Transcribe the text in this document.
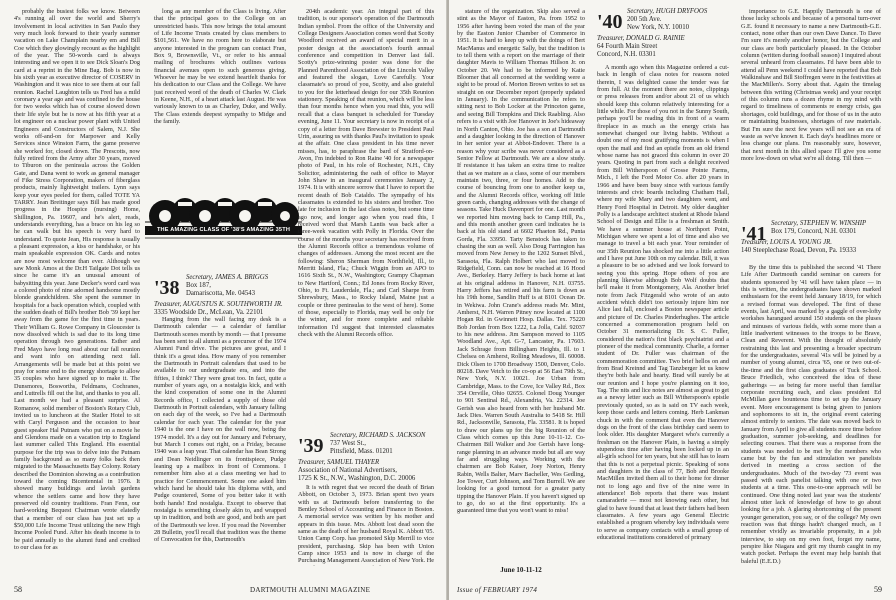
probably the busiest folks we know. Between 4's running all over the world and Sherry's involvement in local activities in San Paulo they very much look forward to their yearly summer vacation on Lake Champlain nearby em and Bill Coe which they glowingly recount as the highlight of the year. The 50-words card is always interesting and we open it to see Dick Sloan's Dog card at a reprint in the Mine Bag. Bob is now in his sixth year as executive director of COSERV in Washington and it was nice to see them at our fall reunion. Rachel Laughton tells us Fred has a mild coronary a year ago and was confined to the house for two weeks which has of course slowed down their life style but he is now at his fifth year at a lot engineer on a nuclear power plant with United Engineers and Constructors of Salem, N.J. She works off-and-on for Marpower and Kelly Services since Winston Farm, the game preserve she worked for, closed down. The Prescotts, now fully retired from the Army after 30 years, moved to Tiburon on the peninsula across the Golden Gate, and Dana went to work as general manager of Fike Stress Corporation, makers of fiberglass products, mainly lightweight trailers. Lynn says keep your eyes peeled for them, called TOTE YA TARRY. Jean Breitinger says Bill has made good progress in the Hospice (nursing) Home, Shillington, Pa. 19607, and he's alert, reads, understands everything, has a brace on his leg so he can walk but his speech is very hard to understand. To quote Jean, His response is usually a pleasant expression, a kiss or handshake, or his main speakable expression OK. Cards and notes are now most welcome than ever. Although we saw Monk Amos at the Dr.H Tailgate Dot tells us since he came it's an unusual amount of babysitting this year. Jane Decker's word card was a colored photo of nine adorned handsome mostly blonde grandchildren. She spent the summer in hospitals for a back operation which, coupled with the sudden death of Bill's brother Bob '39 kept her away from the game for the first time in years. Their William G. Rowe Company in Gloucester is now dissolved which is sad due to its long time operation through two generations. Esther and Fred Mayo have long read about our fall reunion and want info on attending next fall. Arrangements will be made but at this point we pray for some end to the energy shortage to allow 35 couples who have signed up to make it. The Dunsmores, Bosworths, Feldmans, Cochranes, and Luttrells fill out the list, and thanks to you all. Last month we had a pleasant surprise. Al Romanow, solid member of Boston's Rotary Club, invited us to luncheon at the Statler Hotel to sit with Caryl Ferguson and the occasion to hear guest speaker Hal Putnam who put on a movie he and Glendora made on a vacation trip to England last summer called This England. His essential purpose for the trip was to delve into the Putnam family background as so many folks back then migrated to the Massachusetts Bay Colony. Rotary described the Dominion showing as a contribution toward the coming Bicentennial in 1976. It showed many buildings and lavish gardens whence the settlers came and how they have preserved old country traditions. Fran Fenn, our hard-working Bequest Chairman wrote elatedly that a member of our class has just set up a $50,000 Life Income Trust utilizing the new High Income Pooled Fund. After his death income is to be paid annually to the alumni fund and credited to our class for as

long as any member of the Class is living. After that the principal goes to the College on an unrestricted basis. This now brings the total amount of Life Income Trusts created by class members to $101,561. We have no room here to elaborate but anyone interested in the program can contact Fran, Box 9, Brownsville, Vt., or refer to his annual mailing of brochures which outlines various financial avenues open to such generous giving. Whoever he may be we extend heartfelt thanks for his dedication to our Class and the College. We have just received word of the death of Charles W. Clark in Keene, N.H., of a heart attack last August. He was variously known to us as Charley, Duke, and Welly. The Class extends deepest sympathy to Midge and the family.

THE AMAZING CLASS OF '38'S AMAZING 35TH
'38 Secretary, JAMES A. BRIGGS
Box 187,
Damariscotta, Me. 04543
Treasurer, AUGUSTUS K. SOUTHWORTH JR.
3335 Woodside Dr., McLean, Va. 22101

Hanging from the wall facing my desk is a Dartmouth calendar — a calendar of familiar Dartmouth scenes month by month — that I presume has been sent to all alumni as a precursor of the 1974 Alumni Fund drive. The pictures are great, and I think it's a great idea. How many of you remember the Dartmouth in Portrait calendars that used to be available to our undergraduate era, and into the fifties, I think? They were great too. In fact, quite a number of years ago, on a nostalgia kick, and with the kind cooperation of some one in the Alumni Records office, I collected a supply of those old Dartmouth in Portrait calendars, with January falling on each day of the week, so I've had a Dartmouth calendar for each year. The calendar for the year 1940 is the one I have on the wall now, being the 1974 model. It's a day out for January and February, but March I comes out right, on a Friday, because 1940 was a leap year. That calendar has Bean Strong and Dean Neidlinger on its frontispiece, Pudge leaning up a mailbox in front of Commons. I remember him also at a class meeting we had to practice for Commencement. Some one asked him which hand he should take his diploma with, and Pudge countered, Some of you better take it with both hands! End nostalgia. Except to observe that nostalgia is something closely akin to, and wrapped up in tradition, and both are good, and both are part of the Dartmouth we love. If you read the November 28 Bulletin, you'll recall that tradition was the theme of Convocation for this, Dartmouth's

204th academic year. An integral part of this tradition, is our sponsor's operation of the Dartmouth Indian symbol. From the office of the University and College Designers Association comes word that Scotty Woodford received an award of special merit in a poster design at the association's fourth annual conference and competition in Denver last fall. Scotty's prize-winning poster was done for the Planned Parenthood Association of the Lincoln Valley and featured the slogan, Love Carefully. Your classmate's so proud of you, Scotty, and also grateful to you for the letterhead design for our 35th Reunion stationery. Speaking of that reunion, which will be less than four months hence when you read this, you will recall that a class banquet is scheduled for Tuesday evening, June 11. Your secretary is now in receipt of a copy of a letter from Dave Brewster to President Paul Urin, assuring us with thanks Paul's invitation to speak at the affair. One class president in his time never misses, has, to paraphrase the bard of Stratford-on-Avon, I'm indebted to Ron Raine '40 for a newspaper photo of Paul, in his role of Rochester, N.H., City Solicitor, administering the oath of office to Mayor John Shaw in an inaugural ceremonies January 2, 1974. It is with sincere sorrow that I have to report the recent death of Bob Cataldo. The sympathy of his classmates is extended to his sisters and brother. Too late for inclusion in the last class notes, but some time ago now, and longer ago when you read this, I received word that Marsh Lantis was back after a three-week vacation with Polly in Florida. Over the course of the months your secretary has received from the Alumni Records office a tremendous volume of changes of addresses. Among the most recent are the following: Sheron Sherman from Northfield, Ill., to Merritt Island, Fla.; Chuck Wiggin from an APO to 1616 Sixth St., N.W., Washington; Grampy Chapman to New Hartford, Conn.; Ed Jones from Rocky River, Ohio, to Ft. Lauderdale, Fla.; and Carl Sharpe from Shrewsbury, Mass., to Rocky Island, Maine just a couple or three peninsulas to the west of here). Some of those, especially to Florida, may well be only for the winter, and for more complete and reliable information I'd suggest that interested classmates check with the Alumni Records office.

'39 Secretary, RICHARD S. JACKSON
737 West St.,
Pittsfield, Mass. 01201
Treasurer, SAMUEL THAYER
Association of National Advertisers,
1725 K St., N.W., Washington, D.C. 20006

It is with regret that we record the death of Brian Abbott, on October 3, 1973. Brian spent two years with us at Dartmouth before transferring to the Bentley School of Accounting and Finance in Boston. A memorial service was written by his mother and appears in this issue. Mrs. Abbott lost dead soon the same as the death of her husband Royal K. Abbott '05. Union Camp Corp. has promoted Skip Merrill to vice president, purchasing. Skip has been with Union Camp since 1953 and is now in charge of the Purchasing Management Association of New York. He

58	DARTMOUTH ALUMNI MAGAZINE

stature of the organization. Skip also served a stint as the Mayor of Easton, Pa. from 1952 to 1956 after having been voted the man of the year by the Easton Junior Chamber of Commerce in 1951. It is hard to keep up with the doings of Bert MacManus and energetic Sally, but the tradition is to tell them with a report on the marriage of their daughter Mavis to William Thomas Hillson Jr. on October 20. We had to be informed by Katie Bloomer that all concerned at the wedding were a sight to be proud of. Morton Brown writes to set us straight on our December report (properly updated in January). In the communication he refers to sitting next to Bob Locker at the Princeton game, and seeing Bill Tompkins and Dick Raabling. Also refers to a visit with Joe Hanover in Joe's hideaway in North Canton, Ohio. Joe has a son at Dartmouth and a daughter looking in the direction of Hanover in her senior year at Abbot-Endover. There is a reason why your scribe was never considered as a Senior Fellow at Dartmouth. We are a slow study. If resistance it has taken an extra time to realize that as we mature as a class, some of our members maintain two, three, or four homes. Add to the course of bouncing from one to another keep us, and the Alumni Records office, working off little green cards, changing addresses with the change of seasons. Take Huck Davenport for one. Last month we reported him moving back to Camp Hill, Pa., and this month another green card indicates he is back at his old stand at 6602 Phaeton Rd., Punta Gorda, Fla. 33950. Tarty Benstock has taken to chasing the sun as well. Also Doug Farrington has moved from New Jersey to the 1202 Sunset Blvd., Sarasota, Fla. Ralph Holbert who last moved to Ridgefield, Conn. can now be reached at 16 Hood Ave., Berkeley. Harry Jeffery is back home at last at his original address in Hanover, N.H. 03755. Harry Jeffers has retired and his farm is down as his 19th home, Sandlin Huff is at 8101 Ocean Dr. in Wekiwa. John Crane's address reads Mr. Mint, Amherst, N.H. Warren Pitney now located at 1100 Hogan Rd. in Gwinnett Hosp. Dallas. Tex. 75220 Bob Jordan from Box 1222, La Jolla, Calif. 92037 to his new address. Jim Sampson moved to 1105 Woodland Ave., Apt. G-7, Lancaster, Pa. 17603. Jack Schrage from Billingham Heights, Ill. to 1 Chelsea on Amherst, Rolling Meadows, Ill. 60008. Dick Olsen to 1700 Broadway 1500, Denver, Colo. 80218. Dave Vetch to the co-op at 56 East 79th St., New York, N.Y. 10021. Joe Urban from Cambridge, Mass. to the Cove, Ice Valley Rd., Box 354 Orrville, Ohio 02655. Colonel Doug Younger to 901 Sentinal Rd., Alexandria, Va. 22314. Joe Gerish was also heard from with her husband Mr. Jack Dies. Warren South Australia to 5418 Sr. Hill Rd., Jacksonville, Sarasota, Fla. 33581. It is hoped to draw our plans up for the big Reunion of the Class which comes up this June 10-11-12. Co-Chairmen Bill Walker and Joe Gerish have long-range planning in an advance mode but all are way far and struggling ways. Working with the chairmen are Bob Kaiser, Joey Norton, Henry Rabin, Wells Balter, Marv Bacheller, Wes Gedling, Joe Tower, Curt Johnson, and Tom Burrell. We are looking for a good turnout for a greater party tipping the Hanover Plain. If you haven't signed up to go, do so at the first opportunity. It's a guaranteed time that you won't want to miss!

June 10-11-12
'40 Secretary, HUGH DRYFOOS
200 5th Ave.
New York, N.Y. 10010
Treasurer, DONALD G. RAINIE
64 Fourth Main Street
Concord, N.H. 03301

A month ago when this Magazine ordered a cut-back in length of class notes for reasons noted therein, I was delighted cause the tender was far from full. At the moment there are notes, clippings or press releases from and/or about 21 of us which should keep this column relatively interesting for a little while. For those of you not in the Sunny South, perhaps you'll be reading this in front of a warm fireplace in as much as the energy crisis has somewhat changed our living habits. Without a doubt one of my most gratifying moments is when I open the mail and find an epistle from an old friend whose name has not graced this column in over 20 years. Quoting in part from such a delight received from Bill Witherspoon of Grosse Pointe Farms, Mich., I left the Ford Motor Co. after 20 years in 1966 and have been busy since with various family interests and civic boards including Chatham Hall, where my wife Mary and two daughters went, and Henry Ford Hospital in Detroit. My older daughter Polly is a landscape architect student at Rhode Island School of Design and Ellie is a freshman at Smith. We have a summer house at Northport Point, Michigan where we spent a lot of time and also we manage to travel a bit each year. Your reminder of our 35th Reunion has shocked me into a little action and I have put June 10th on my calendar. Bill, it was a pleasure to be so advised and we look forward to seeing you this spring. Hope others of you are planning likewise although Bob Wolf doubts that he'll make it from Montgomery, Ala. Another brief note from Jack Fitzgerald who wrote of an auto accident which didn't too seriously injure him nor Alice last fall, enclosed a Boston newspaper article and picture of Dr. Charles Pinderhughes. The article concerned a commemoration program held on October 31 memorializing Dr. S. C. Fuller, considered the nation's first black psychiatrist and a pioneer of the medical community. Charlie, a former student of Dr. Fuller was chairman of the commemoration committee. Two brief hellos on and from Brad Kreinnd and Tag Tanzberger let us know they're both hale and hearty. Brad will surely be at our reunion and I hope you're planning on it too, Tag. The nits and lice notes are almost as great to get as a newsy letter such as Bill Witherspoon's epistle previously quoted, so as is said on TV each week, keep those cards and letters coming. Herb Lankman chuck in with the comment that even the Hanover dogs on the front of the class birthday card seem to look older. His daughter Margaret who's currently a freshman on the Hanover Plain, is having a simply stupendous time after having been locked up in an all-girls school for ten years, but she still has to learn that this is not a perpetual picnic. Speaking of sons and daughters in the class of 77, Bob and Brooke MacMillen invited them all to their home for dinner not to long ago and five of the nine were in attendance! Bob reports that there was instant camaraderie — most not knowing each other, but glad to have found that at least their fathers had been classmates. A few years ago General Electric established a program whereby key individuals were to serve as company contacts with a small group of educational institutions considered of primary

importance to G.E. Happily Dartmouth is one of those lucky schools and because of a personal turn-over G.E. found it necessary to name a new Dartmouth-G.E. contact, none other than our own Dave Dance. To Dave I'm sure it's merely another honor, but the College and our class are both particularly pleased. In the October column (written during football season) I inquired about several unheard from classmates. I'd have been able to attend all Penn weekend I could have reported that Bob Walkinshaw and Bill Stoffregen were in the festivities at the MacMillen's. Sorry about that. Again the timelag between this writing (Christmas week) and your receipt of this column runs a dozen rhyme in my mind with regard to timeliness of comments re energy crisis, gas shortages, cold buildings, and for those of us in the auto or maintaining businesses, shortages of raw materials. But I'm sure the next few years will not see an era of waste as we've known it. Each day's headlines more or less change our plans. I'm reasonably sure, however, that next month in this allied space I'll give you some more low-down on what we're all doing. Till then —

'41 Secretary, STEPHEN W. WINSHIP
Box 179, Concord, N.H. 03301
Treasurer, LOUIS A. YOUNG JR.
140 Steeplechase Road, Devon, Pa. 19333

By the time this is published the second '41 There Life After Dartmouth candid seminar on careers for students sponsored by '41 will have taken place — in this is written, the undergraduates have shown marked enthusiasm for the event held January 18/19, for which a revised format was developed. The first of these events, last April, was marked by a gaggle of over-lofty workshes harangued around 150 students on the pluses and minuses of various fields, with some more than a little inadvertent witnesses to the troops to be Brave, Clean and Reverent. With the thought of absolutely restraining this last and presenting a broader spectrum for the undergraduates, several '41s will be joined by a number of young alumni, circa '65, one or two out-of-the-time and the first class graduates of Tuck School. Bruce Friedlich, who conceived the idea of these gatherings — as being far more useful than familiar corporate recruiting each, and class president Ed McMillan gave bounteous time to set up the January event. More encouragement is being given to juniors and sophomores to sit in, the original event catering almost entirely to seniors. The date was moved back to January from April to give all students more time before graduation, summer job-seeking, and deadlines for selecting courses. That there was a response from the students was needed to be met by the members who came but by the fun and stimulation we panelists derived in meeting a cross section of the undergraduates. Much of the two-day '73 event was passed with each panelist talking with one or two students at a time. This one-to-one approach will be continued. One thing noted last year was the students' almost utter lack of knowledge of how to go about looking for a job. A glaring shortcoming of the present younger generation, you say, or of the college? My own reaction was that things hadn't changed much, as I remember vividly as invariable propensity, in a job interview, to step on my own foot, forget my name, perspire like Niagara and grit my thumb caught in my watch pocket. Perhaps the event may help banish that baleful (E.E.D.)

Issue of FEBRUARY 1974	59
